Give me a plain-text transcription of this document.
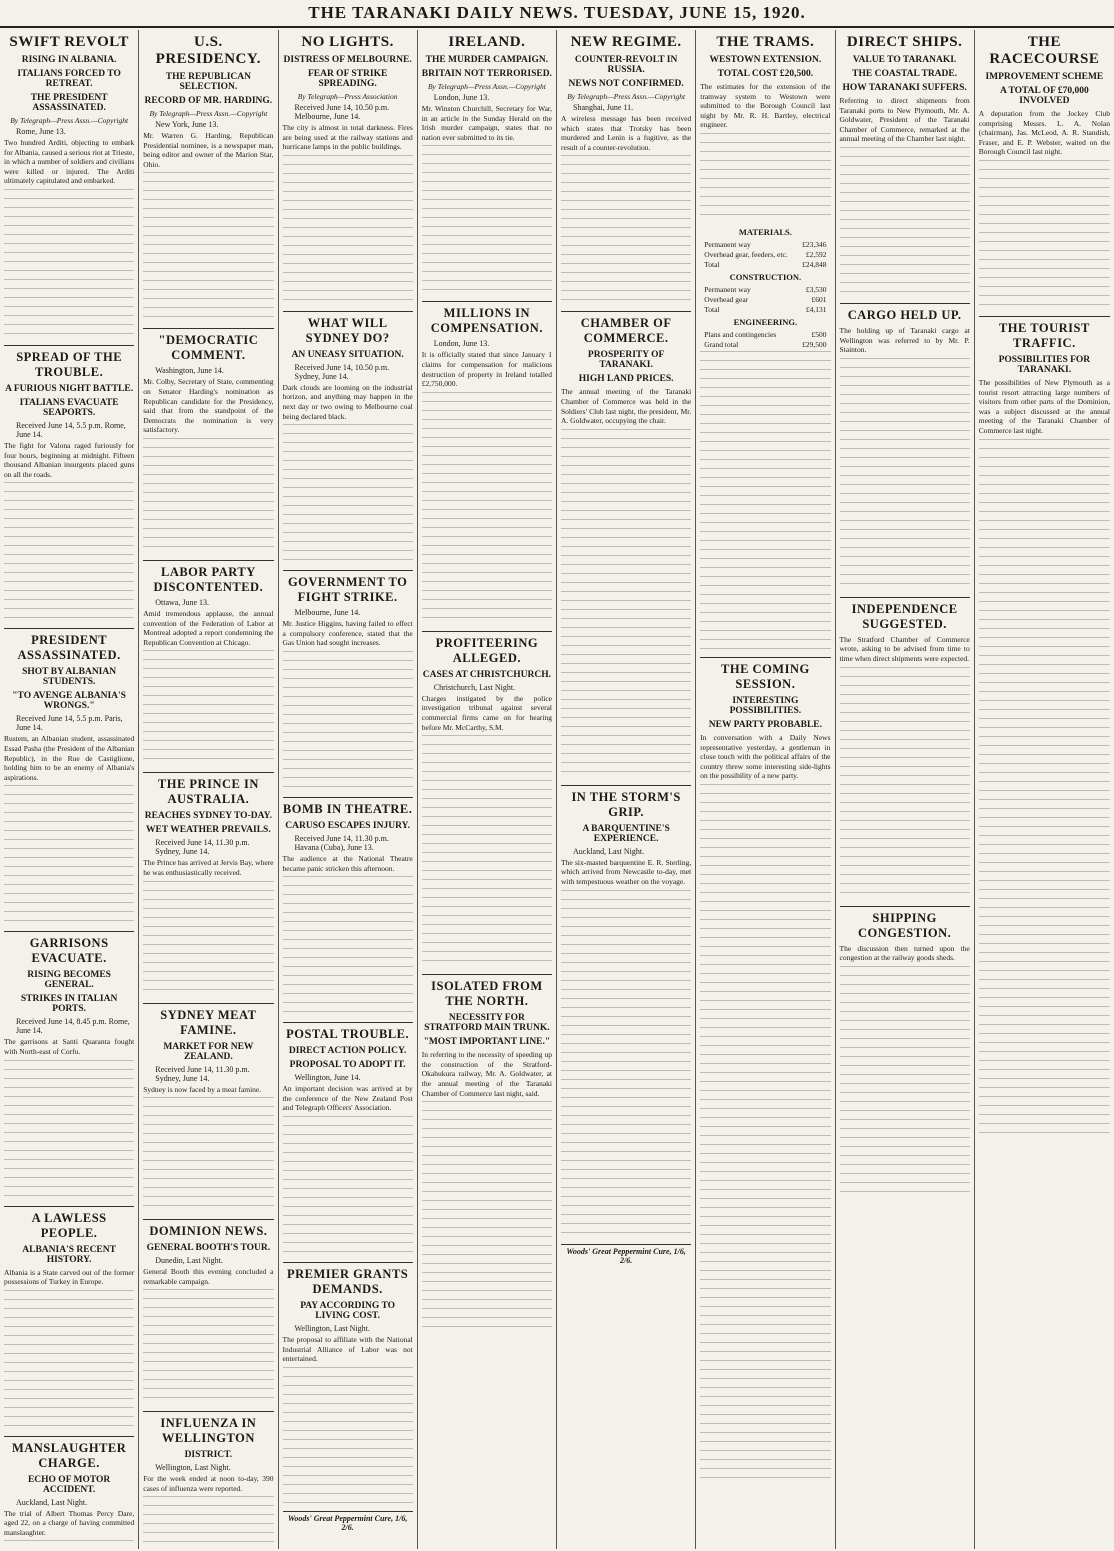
THE TARANAKI DAILY NEWS. TUESDAY, JUNE 15, 1920.
SWIFT REVOLT
RISING IN ALBANIA.
ITALIANS FORCED TO RETREAT.
THE PRESIDENT ASSASSINATED.
By Telegraph—Press Assn.—Copyright
Rome, June 13.
Two hundred Arditi, objecting to embark for Albania, caused a serious riot at Trieste, in which a number of soldiers and civilians were killed or injured. The Arditi ultimately capitulated and embarked.
SPREAD OF THE TROUBLE.
A FURIOUS NIGHT BATTLE.
ITALIANS EVACUATE SEAPORTS.
Received June 14, 5.5 p.m. Rome, June 14.
The fight for Valona raged furiously for four hours, beginning at midnight. Fifteen thousand Albanian insurgents placed guns on all the roads.
PRESIDENT ASSASSINATED.
SHOT BY ALBANIAN STUDENTS.
"TO AVENGE ALBANIA'S WRONGS."
Received June 14, 5.5 p.m. Paris, June 14.
Rustem, an Albanian student, assassinated Essad Pasha (the President of the Albanian Republic), in the Rue de Castiglione, holding him to be an enemy of Albania's aspirations.
GARRISONS EVACUATE.
RISING BECOMES GENERAL.
STRIKES IN ITALIAN PORTS.
Received June 14, 8.45 p.m. Rome, June 14.
The garrisons at Santi Quaranta fought with North-east of Corfu.
A LAWLESS PEOPLE.
ALBANIA'S RECENT HISTORY.
Albania is a State carved out of the former possessions of Turkey in Europe.
MANSLAUGHTER CHARGE.
ECHO OF MOTOR ACCIDENT.
Auckland, Last Night.
The trial of Albert Thomas Percy Dare, aged 22, on a charge of having committed manslaughter.
U.S. PRESIDENCY.
THE REPUBLICAN SELECTION.
RECORD OF MR. HARDING.
By Telegraph—Press Assn.—Copyright
New York, June 13.
Mr. Warren G. Harding, Republican Presidential nominee, is a newspaper man, being editor and owner of the Marion Star, Ohio.
"DEMOCRATIC COMMENT.
Washington, June 14.
Mr. Colby, Secretary of State, commenting on Senator Harding's nomination as Republican candidate for the Presidency, said that from the standpoint of the Democrats the nomination is very satisfactory.
LABOR PARTY DISCONTENTED.
Ottawa, June 13.
Amid tremendous applause, the annual convention of the Federation of Labor at Montreal adopted a report condemning the Republican Convention at Chicago.
THE PRINCE IN AUSTRALIA.
REACHES SYDNEY TO-DAY.
WET WEATHER PREVAILS.
Received June 14, 11.30 p.m. Sydney, June 14.
The Prince has arrived at Jervis Bay, where he was enthusiastically received.
SYDNEY MEAT FAMINE.
MARKET FOR NEW ZEALAND.
Received June 14, 11.30 p.m. Sydney, June 14.
Sydney is now faced by a meat famine.
DOMINION NEWS.
GENERAL BOOTH'S TOUR.
Dunedin, Last Night.
General Booth this evening concluded a remarkable campaign.
INFLUENZA IN WELLINGTON
DISTRICT.
Wellington, Last Night.
For the week ended at noon to-day, 390 cases of influenza were reported.
NO LIGHTS.
DISTRESS OF MELBOURNE.
FEAR OF STRIKE SPREADING.
By Telegraph—Press Association
Received June 14, 10.50 p.m. Melbourne, June 14.
The city is almost in total darkness. Fires are being used at the railway stations and hurricane lamps in the public buildings.
WHAT WILL SYDNEY DO?
AN UNEASY SITUATION.
Received June 14, 10.50 p.m. Sydney, June 14.
Dark clouds are looming on the industrial horizon, and anything may happen in the next day or two owing to Melbourne coal being declared black.
GOVERNMENT TO FIGHT STRIKE.
Melbourne, June 14.
Mr. Justice Higgins, having failed to effect a compulsory conference, stated that the Gas Union had sought increases.
BOMB IN THEATRE.
CARUSO ESCAPES INJURY.
Received June 14, 11.30 p.m. Havana (Cuba), June 13.
The audience at the National Theatre became panic stricken this afternoon.
POSTAL TROUBLE.
DIRECT ACTION POLICY.
PROPOSAL TO ADOPT IT.
Wellington, June 14.
An important decision was arrived at by the conference of the New Zealand Post and Telegraph Officers' Association.
PREMIER GRANTS DEMANDS.
PAY ACCORDING TO LIVING COST.
Wellington, Last Night.
The proposal to affiliate with the National Industrial Alliance of Labor was not entertained.
Woods' Great Peppermint Cure, 1/6, 2/6.
IRELAND.
THE MURDER CAMPAIGN.
BRITAIN NOT TERRORISED.
By Telegraph—Press Assn.—Copyright
London, June 13.
Mr. Winston Churchill, Secretary for War, in an article in the Sunday Herald on the Irish murder campaign, states that no nation ever submitted to its tie.
MILLIONS IN COMPENSATION.
London, June 13.
It is officially stated that since January 1 claims for compensation for malicious destruction of property in Ireland totalled £2,750,000.
PROFITEERING ALLEGED.
CASES AT CHRISTCHURCH.
Christchurch, Last Night.
Charges instigated by the police investigation tribunal against several commercial firms came on for hearing before Mr. McCarthy, S.M.
ISOLATED FROM THE NORTH.
NECESSITY FOR STRATFORD MAIN TRUNK.
"MOST IMPORTANT LINE."
In referring to the necessity of speeding up the construction of the Stratford-Okahukura railway, Mr. A. Goldwater, at the annual meeting of the Taranaki Chamber of Commerce last night, said.
NEW REGIME.
COUNTER-REVOLT IN RUSSIA.
NEWS NOT CONFIRMED.
By Telegraph—Press Assn.—Copyright
Shanghai, June 11.
A wireless message has been received which states that Trotsky has been murdered and Lenin is a fugitive, as the result of a counter-revolution.
CHAMBER OF COMMERCE.
PROSPERITY OF TARANAKI.
HIGH LAND PRICES.
The annual meeting of the Taranaki Chamber of Commerce was held in the Soldiers' Club last night, the president, Mr. A. Goldwater, occupying the chair.
IN THE STORM'S GRIP.
A BARQUENTINE'S EXPERIENCE.
Auckland, Last Night.
The six-masted barquentine E. R. Sterling, which arrived from Newcastle to-day, met with tempestuous weather on the voyage.
Woods' Great Peppermint Cure, 1/6, 2/6.
THE TRAMS.
WESTOWN EXTENSION.
TOTAL COST £20,500.
The estimates for the extension of the tramway system to Westown were submitted to the Borough Council last night by Mr. R. H. Bartley, electrical engineer.
MATERIALS.
Permanent way	£23,346
Overhead gear, feeders, etc. £2,592
Total	£24,848
CONSTRUCTION.
Permanent way	£3,530
Overhead gear	£601
Total	£4,131
ENGINEERING.
Plans and contingencies	£500
Grand total	£29,500
THE COMING SESSION.
INTERESTING POSSIBILITIES.
NEW PARTY PROBABLE.
In conversation with a Daily News representative yesterday, a gentleman in close touch with the political affairs of the country threw some interesting side-lights on the possibility of a new party.
DIRECT SHIPS.
VALUE TO TARANAKI.
THE COASTAL TRADE.
HOW TARANAKI SUFFERS.
Referring to direct shipments from Taranaki ports to New Plymouth, Mr. A. Goldwater, President of the Taranaki Chamber of Commerce, remarked at the annual meeting of the Chamber last night.
CARGO HELD UP.
The holding up of Taranaki cargo at Wellington was referred to by Mr. P. Stainton.
INDEPENDENCE SUGGESTED.
The Stratford Chamber of Commerce wrote, asking to be advised from time to time when direct shipments were expected.
SHIPPING CONGESTION.
The discussion then turned upon the congestion at the railway goods sheds.
THE RACECOURSE
IMPROVEMENT SCHEME
A TOTAL OF £70,000 INVOLVED
A deputation from the Jockey Club comprising Messrs. L. A. Nolan (chairman), Jas. McLeod, A. R. Standish, Fraser, and E. P. Webster, waited on the Borough Council last night.
THE TOURIST TRAFFIC.
POSSIBILITIES FOR TARANAKI.
The possibilities of New Plymouth as a tourist resort attracting large numbers of visitors from other parts of the Dominion, was a subject discussed at the annual meeting of the Taranaki Chamber of Commerce last night.
